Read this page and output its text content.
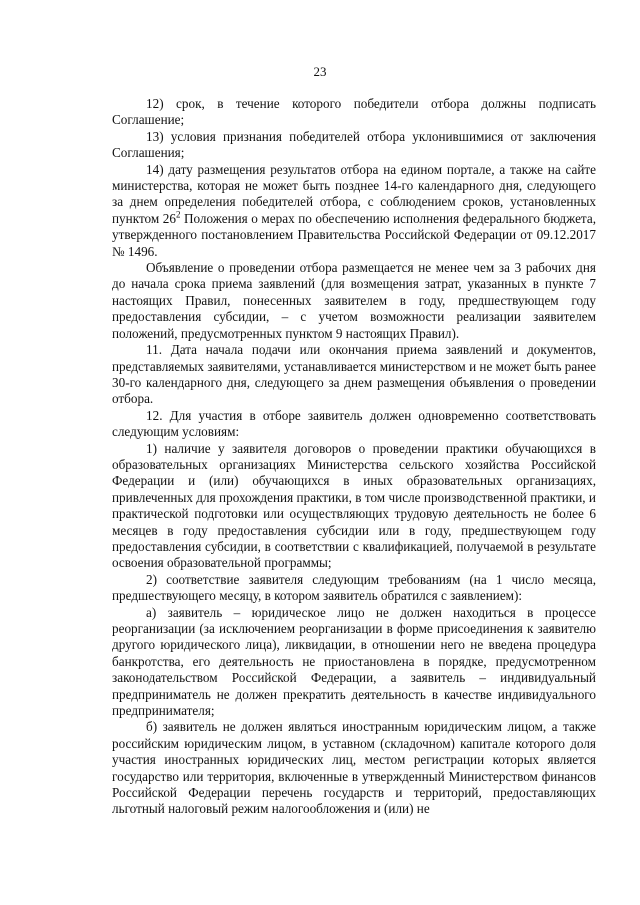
23

12) срок, в течение которого победители отбора должны подписать Соглашение;

13) условия признания победителей отбора уклонившимися от заключения Соглашения;

14) дату размещения результатов отбора на едином портале, а также на сайте министерства, которая не может быть позднее 14-го календарного дня, следующего за днем определения победителей отбора, с соблюдением сроков, установленных пунктом $26^2$ Положения о мерах по обеспечению исполнения федерального бюджета, утвержденного постановлением Правительства Российской Федерации от 09.12.2017 № 1496.

Объявление о проведении отбора размещается не менее чем за 3 рабочих дня до начала срока приема заявлений (для возмещения затрат, указанных в пункте 7 настоящих Правил, понесенных заявителем в году, предшествующем году предоставления субсидии, – с учетом возможности реализации заявителем положений, предусмотренных пунктом 9 настоящих Правил).

11. Дата начала подачи или окончания приема заявлений и документов, представляемых заявителями, устанавливается министерством и не может быть ранее 30-го календарного дня, следующего за днем размещения объявления о проведении отбора.

12. Для участия в отборе заявитель должен одновременно соответствовать следующим условиям:

1) наличие у заявителя договоров о проведении практики обучающихся в образовательных организациях Министерства сельского хозяйства Российской Федерации и (или) обучающихся в иных образовательных организациях, привлеченных для прохождения практики, в том числе производственной практики, и практической подготовки или осуществляющих трудовую деятельность не более 6 месяцев в году предоставления субсидии или в году, предшествующем году предоставления субсидии, в соответствии с квалификацией, получаемой в результате освоения образовательной программы;

2) соответствие заявителя следующим требованиям (на 1 число месяца, предшествующего месяцу, в котором заявитель обратился с заявлением):

а) заявитель – юридическое лицо не должен находиться в процессе реорганизации (за исключением реорганизации в форме присоединения к заявителю другого юридического лица), ликвидации, в отношении него не введена процедура банкротства, его деятельность не приостановлена в порядке, предусмотренном законодательством Российской Федерации, а заявитель – индивидуальный предприниматель не должен прекратить деятельность в качестве индивидуального предпринимателя;

б) заявитель не должен являться иностранным юридическим лицом, а также российским юридическим лицом, в уставном (складочном) капитале которого доля участия иностранных юридических лиц, местом регистрации которых является государство или территория, включенные в утвержденный Министерством финансов Российской Федерации перечень государств и территорий, предоставляющих льготный налоговый режим налогообложения и (или) не
